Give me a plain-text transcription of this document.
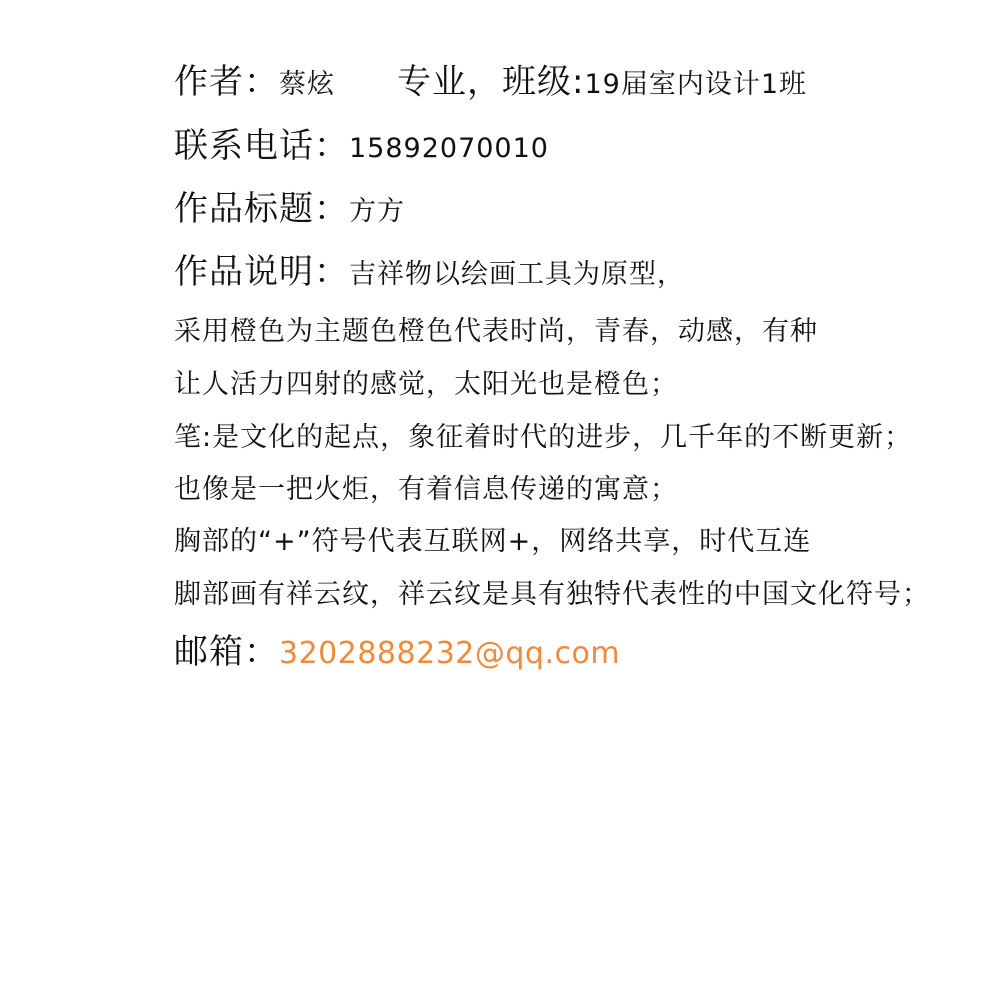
作者： 蔡炫 专业，班级: 19届室内设计1班
联系电话： 15892070010
作品标题： 方方
作品说明： 吉祥物以绘画工具为原型，
采用橙色为主题色橙色代表时尚，青春，动感，有种
让人活力四射的感觉，太阳光也是橙色；
笔:是文化的起点，象征着时代的进步，几千年的不断更新；
也像是一把火炬，有着信息传递的寓意；
胸部的“+”符号代表互联网+，网络共享，时代互连
脚部画有祥云纹，祥云纹是具有独特代表性的中国文化符号；
邮箱： 3202888232@qq.com
